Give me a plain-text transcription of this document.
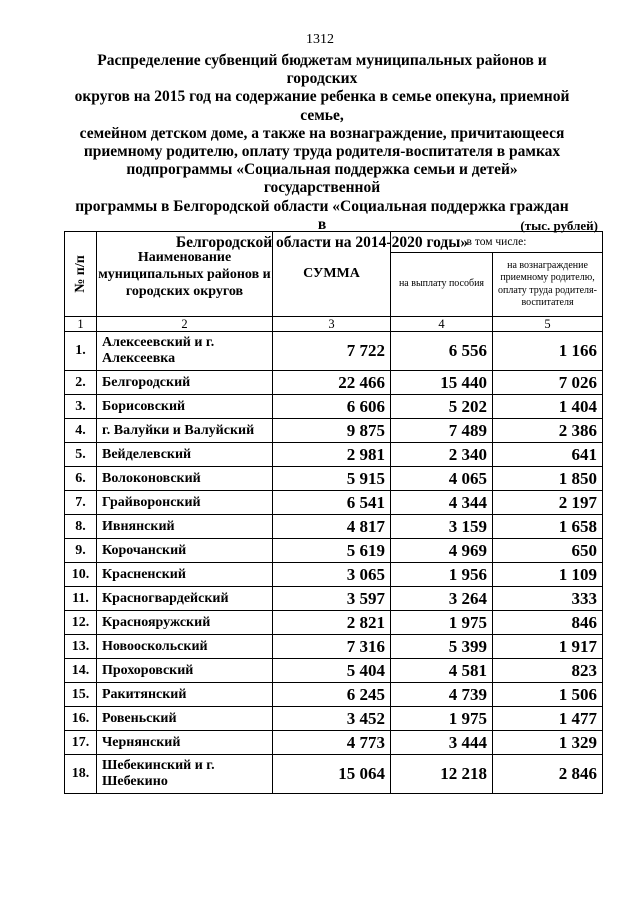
1312
Распределение субвенций бюджетам муниципальных районов и городских
округов на 2015 год на содержание ребенка в семье опекуна, приемной семье,
семейном детском доме, а также на вознаграждение, причитающееся
приемному родителю, оплату труда родителя-воспитателя в рамках
подпрограммы «Социальная поддержка семьи и детей» государственной
программы в Белгородской области «Социальная поддержка граждан в
Белгородской области на 2014-2020 годы»
(тыс. рублей)
№ п/п	Наименование муниципальных районов и городских округов	СУММА	в том числе:	
			на выплату пособия	на вознаграждение приемному родителю, оплату труда родителя-воспитателя
1	2	3	4	5
1.	Алексеевский и г. Алексеевка	7 722	6 556	1 166
2.	Белгородский	22 466	15 440	7 026
3.	Борисовский	6 606	5 202	1 404
4.	г. Валуйки и Валуйский	9 875	7 489	2 386
5.	Вейделевский	2 981	2 340	641
6.	Волоконовский	5 915	4 065	1 850
7.	Грайворонский	6 541	4 344	2 197
8.	Ивнянский	4 817	3 159	1 658
9.	Корочанский	5 619	4 969	650
10.	Красненский	3 065	1 956	1 109
11.	Красногвардейский	3 597	3 264	333
12.	Краснояружский	2 821	1 975	846
13.	Новооскольский	7 316	5 399	1 917
14.	Прохоровский	5 404	4 581	823
15.	Ракитянский	6 245	4 739	1 506
16.	Ровеньский	3 452	1 975	1 477
17.	Чернянский	4 773	3 444	1 329
18.	Шебекинский и г. Шебекино	15 064	12 218	2 846
